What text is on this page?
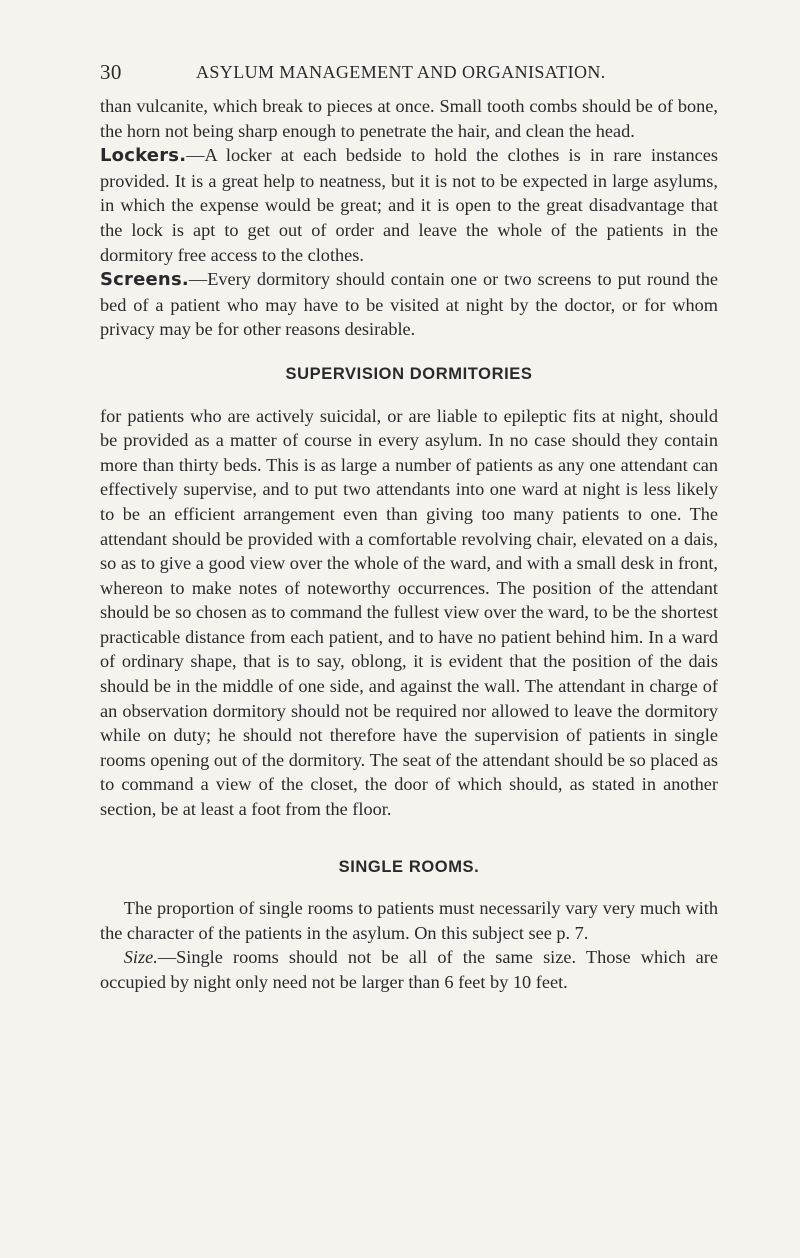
30	ASYLUM MANAGEMENT AND ORGANISATION.

than vulcanite, which break to pieces at once. Small tooth combs should be of bone, the horn not being sharp enough to penetrate the hair, and clean the head.

Lockers.—A locker at each bedside to hold the clothes is in rare instances provided. It is a great help to neatness, but it is not to be expected in large asylums, in which the expense would be great; and it is open to the great disadvantage that the lock is apt to get out of order and leave the whole of the patients in the dormitory free access to the clothes.

Screens.—Every dormitory should contain one or two screens to put round the bed of a patient who may have to be visited at night by the doctor, or for whom privacy may be for other reasons desirable.

SUPERVISION DORMITORIES

for patients who are actively suicidal, or are liable to epileptic fits at night, should be provided as a matter of course in every asylum. In no case should they contain more than thirty beds. This is as large a number of patients as any one attendant can effectively supervise, and to put two attendants into one ward at night is less likely to be an efficient arrangement even than giving too many patients to one. The attendant should be provided with a comfortable revolving chair, elevated on a dais, so as to give a good view over the whole of the ward, and with a small desk in front, whereon to make notes of noteworthy occurrences. The position of the attendant should be so chosen as to command the fullest view over the ward, to be the shortest practicable distance from each patient, and to have no patient behind him. In a ward of ordinary shape, that is to say, oblong, it is evident that the position of the dais should be in the middle of one side, and against the wall. The attendant in charge of an observation dormitory should not be required nor allowed to leave the dormitory while on duty; he should not therefore have the supervision of patients in single rooms opening out of the dormitory. The seat of the attendant should be so placed as to command a view of the closet, the door of which should, as stated in another section, be at least a foot from the floor.

SINGLE ROOMS.

The proportion of single rooms to patients must necessarily vary very much with the character of the patients in the asylum. On this subject see p. 7.

Size.—Single rooms should not be all of the same size. Those which are occupied by night only need not be larger than 6 feet by 10 feet.
